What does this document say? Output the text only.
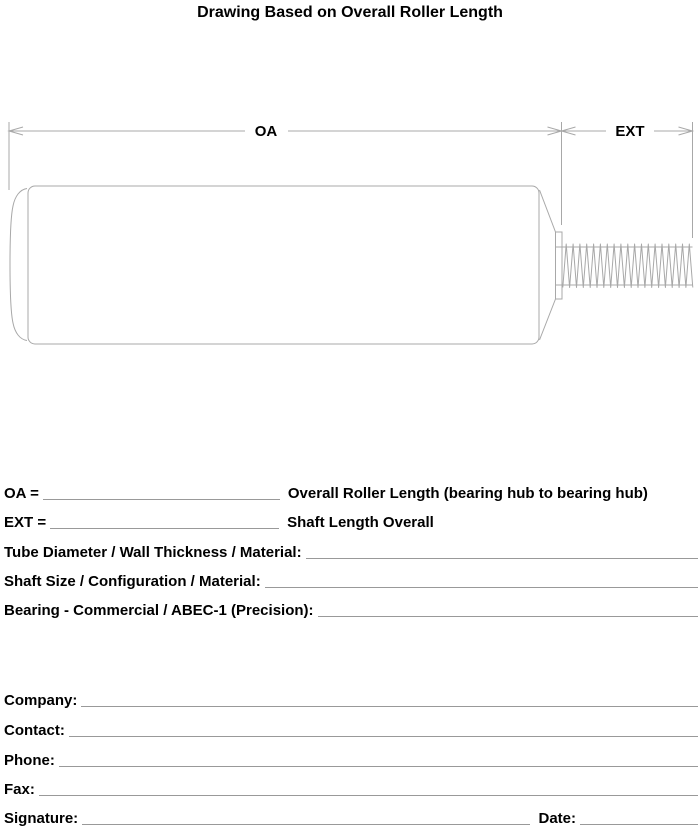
Drawing Based on Overall Roller Length
OA	EXT
OA =	Overall Roller Length (bearing hub to bearing hub)
EXT =	Shaft Length Overall
Tube Diameter / Wall Thickness / Material:
Shaft Size / Configuration / Material:
Bearing - Commercial / ABEC-1 (Precision):
Company:
Contact:
Phone:
Fax:
Signature:	Date:
